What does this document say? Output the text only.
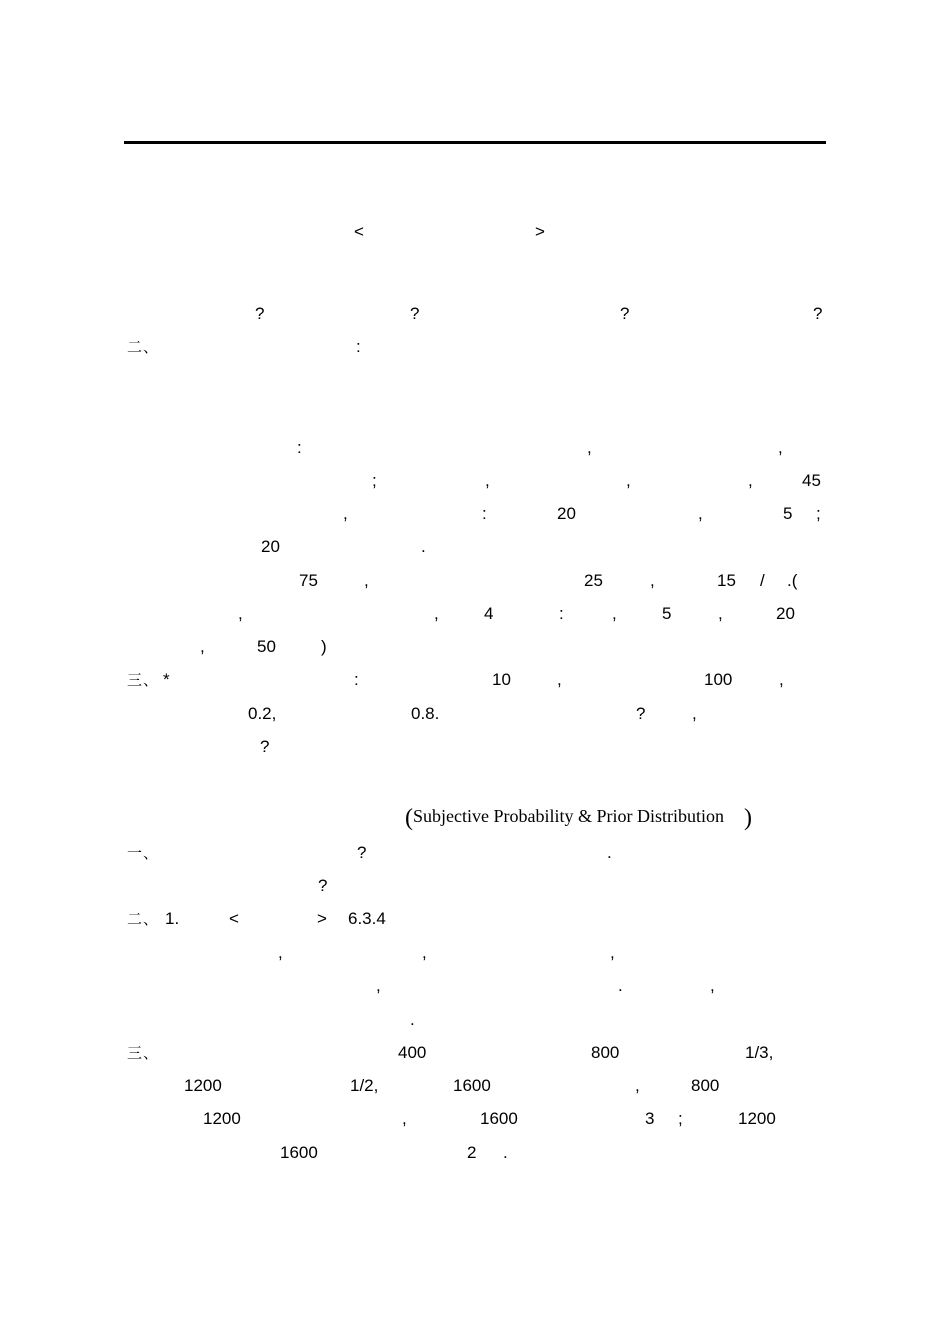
<	>
?	?	?	?
二、	:
:	,	,
;	,	,	,	45
,	:	20	,	5 ;
20	.
75	,	25	,	15 / .(
,	,	4	:	,	5	,	20
,	50	)
三、 *	:	10	,	100	,
0.2,	0.8.	?	,
?
( Subjective Probability & Prior Distribution )
一、	?	.
?
二、 1.	<	> 6.3.4
,	,	,
,	.	,
.
三、	400	800	1/3,
1200	1/2,	1600	,	800
1200	,	1600	3 ;	1200
1600	2 .
